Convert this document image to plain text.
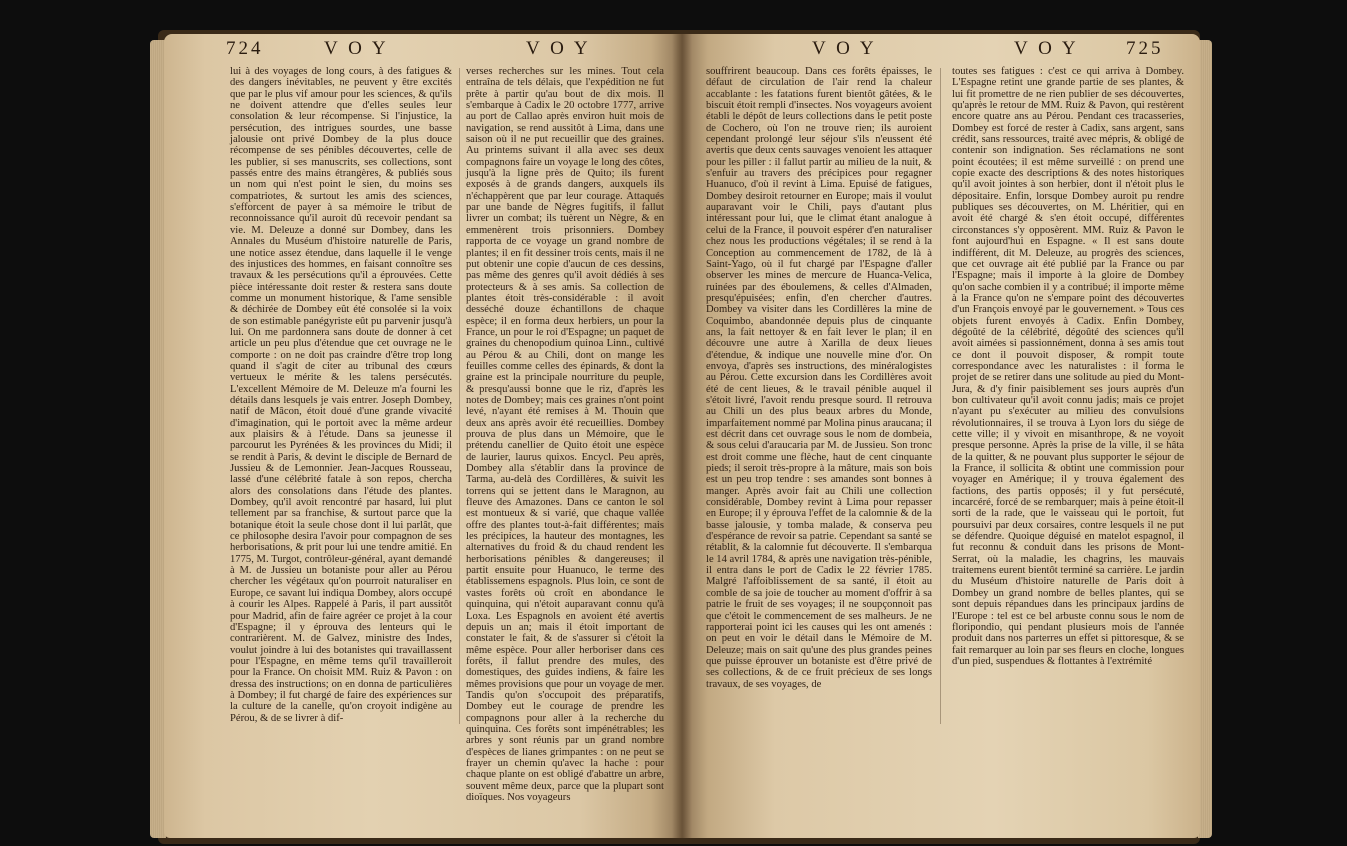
724	V O Y	V O Y	V O Y	V O Y 725
lui à des voyages de long cours, à des fatigues & des dangers inévitables, ne peuvent y être excités que par le plus vif amour pour les sciences, & qu'ils ne doivent attendre que d'elles seules leur consolation & leur récompense. Si l'injustice, la persécution, des intrigues sourdes, une basse jalousie ont privé Dombey de la plus douce récompense de ses pénibles découvertes, celle de les publier, si ses manuscrits, ses collections, sont passés entre des mains étrangères, & publiés sous un nom qui n'est point le sien, du moins ses compatriotes, & surtout les amis des sciences, s'efforcent de payer à sa mémoire le tribut de reconnoissance qu'il auroit dû recevoir pendant sa vie. M. Deleuze a donné sur Dombey, dans les Annales du Muséum d'histoire naturelle de Paris, une notice assez étendue, dans laquelle il le venge des injustices des hommes, en faisant connoître ses travaux & les persécutions qu'il a éprouvées. Cette pièce intéressante doit rester & restera sans doute comme un monument historique, & l'ame sensible & déchirée de Dombey eût été consolée si la voix de son estimable panégyriste eût pu parvenir jusqu'à lui. On me pardonnera sans doute de donner à cet article un peu plus d'étendue que cet ouvrage ne le comporte : on ne doit pas craindre d'être trop long quand il s'agit de citer au tribunal des cœurs vertueux le mérite & les talens persécutés. L'excellent Mémoire de M. Deleuze m'a fourni les détails dans lesquels je vais entrer. Joseph Dombey, natif de Mâcon, étoit doué d'une grande vivacité d'imagination, qui le portoit avec la même ardeur aux plaisirs & à l'étude. Dans sa jeunesse il parcourut les Pyrénées & les provinces du Midi; il se rendit à Paris, & devint le disciple de Bernard de Jussieu & de Lemonnier. Jean-Jacques Rousseau, lassé d'une célébrité fatale à son repos, chercha alors des consolations dans l'étude des plantes. Dombey, qu'il avoit rencontré par hasard, lui plut tellement par sa franchise, & surtout parce que la botanique étoit la seule chose dont il lui parlât, que ce philosophe desira l'avoir pour compagnon de ses herborisations, & prit pour lui une tendre amitié. En 1775, M. Turgot, contrôleur-général, ayant demandé à M. de Jussieu un botaniste pour aller au Pérou chercher les végétaux qu'on pourroit naturaliser en Europe, ce savant lui indiqua Dombey, alors occupé à courir les Alpes. Rappelé à Paris, il part aussitôt pour Madrid, afin de faire agréer ce projet à la cour d'Espagne; il y éprouva des lenteurs qui le contrarièrent. M. de Galvez, ministre des Indes, voulut joindre à lui des botanistes qui travaillassent pour l'Espagne, en même tems qu'il travailleroit pour la France. On choisit MM. Ruiz & Pavon : on dressa des instructions; on en donna de particulières à Dombey; il fut chargé de faire des expériences sur la culture de la canelle, qu'on croyoit indigène au Pérou, & de se livrer à dif-
verses recherches sur les mines. Tout cela entraîna de tels délais, que l'expédition ne fut prête à partir qu'au bout de dix mois. Il s'embarque à Cadix le 20 octobre 1777, arrive au port de Callao après environ huit mois de navigation, se rend aussitôt à Lima, dans une saison où il ne put recueillir que des graines. Au printems suivant il alla avec ses deux compagnons faire un voyage le long des côtes, jusqu'à la ligne près de Quito; ils furent exposés à de grands dangers, auxquels ils n'échappèrent que par leur courage. Attaqués par une bande de Nègres fugitifs, il fallut livrer un combat; ils tuèrent un Nègre, & en emmenèrent trois prisonniers. Dombey rapporta de ce voyage un grand nombre de plantes; il en fit dessiner trois cents, mais il ne put obtenir une copie d'aucun de ces dessins, pas même des genres qu'il avoit dédiés à ses protecteurs & à ses amis. Sa collection de plantes étoit très-considérable : il avoit desséché douze échantillons de chaque espèce; il en forma deux herbiers, un pour la France, un pour le roi d'Espagne; un paquet de graines du chenopodium quinoa Linn., cultivé au Pérou & au Chili, dont on mange les feuilles comme celles des épinards, & dont la graine est la principale nourriture du peuple, & presqu'aussi bonne que le riz, d'après les notes de Dombey; mais ces graines n'ont point levé, n'ayant été remises à M. Thouin que deux ans après avoir été recueillies. Dombey prouva de plus dans un Mémoire, que le prétendu canellier de Quito étoit une espèce de laurier, laurus quixos. Encycl. Peu après, Dombey alla s'établir dans la province de Tarma, au-delà des Cordillères, & suivit les torrens qui se jettent dans le Maragnon, au fleuve des Amazones. Dans ce canton le sol est montueux & si varié, que chaque vallée offre des plantes tout-à-fait différentes; mais les précipices, la hauteur des montagnes, les alternatives du froid & du chaud rendent les herborisations pénibles & dangereuses; il partit ensuite pour Huanuco, le terme des établissemens espagnols. Plus loin, ce sont de vastes forêts où croît en abondance le quinquina, qui n'étoit auparavant connu qu'à Loxa. Les Espagnols en avoient été avertis depuis un an; mais il étoit important de constater le fait, & de s'assurer si c'étoit la même espèce. Pour aller herboriser dans ces forêts, il fallut prendre des mules, des domestiques, des guides indiens, & faire les mêmes provisions que pour un voyage de mer. Tandis qu'on s'occupoit des préparatifs, Dombey eut le courage de prendre les compagnons pour aller à la recherche du quinquina. Ces forêts sont impénétrables; les arbres y sont réunis par un grand nombre d'espèces de lianes grimpantes : on ne peut se frayer un chemin qu'avec la hache : pour chaque plante on est obligé d'abattre un arbre, souvent même deux, parce que la plupart sont dioïques. Nos voyageurs
souffrirent beaucoup. Dans ces forêts épaisses, le défaut de circulation de l'air rend la chaleur accablante : les fatations furent bientôt gâtées, & le biscuit étoit rempli d'insectes. Nos voyageurs avoient établi le dépôt de leurs collections dans le petit poste de Cochero, où l'on ne trouve rien; ils auroient cependant prolongé leur séjour s'ils n'eussent été avertis que deux cents sauvages venoient les attaquer pour les piller : il fallut partir au milieu de la nuit, & s'enfuir au travers des précipices pour regagner Huanuco, d'où il revint à Lima. Epuisé de fatigues, Dombey desiroit retourner en Europe; mais il voulut auparavant voir le Chili, pays d'autant plus intéressant pour lui, que le climat étant analogue à celui de la France, il pouvoit espérer d'en naturaliser chez nous les productions végétales; il se rend à la Conception au commencement de 1782, de là à Saint-Yago, où il fut chargé par l'Espagne d'aller observer les mines de mercure de Huanca-Velica, ruinées par des éboulemens, & celles d'Almaden, presqu'épuisées; enfin, d'en chercher d'autres. Dombey va visiter dans les Cordillères la mine de Coquimbo, abandonnée depuis plus de cinquante ans, la fait nettoyer & en fait lever le plan; il en découvre une autre à Xarilla de deux lieues d'étendue, & indique une nouvelle mine d'or. On envoya, d'après ses instructions, des minéralogistes au Pérou. Cette excursion dans les Cordillères avoit été de cent lieues, & le travail pénible auquel il s'étoit livré, l'avoit rendu presque sourd. Il retrouva au Chili un des plus beaux arbres du Monde, imparfaitement nommé par Molina pinus araucana; il est décrit dans cet ouvrage sous le nom de dombeia, & sous celui d'araucaria par M. de Jussieu. Son tronc est droit comme une flèche, haut de cent cinquante pieds; il seroit très-propre à la mâture, mais son bois est un peu trop tendre : ses amandes sont bonnes à manger. Après avoir fait au Chili une collection considérable, Dombey revint à Lima pour repasser en Europe; il y éprouva l'effet de la calomnie & de la basse jalousie, y tomba malade, & conserva peu d'espérance de revoir sa patrie. Cependant sa santé se rétablit, & la calomnie fut découverte. Il s'embarqua le 14 avril 1784, & après une navigation très-pénible, il entra dans le port de Cadix le 22 février 1785. Malgré l'affoiblissement de sa santé, il étoit au comble de sa joie de toucher au moment d'offrir à sa patrie le fruit de ses voyages; il ne soupçonnoit pas que c'étoit le commencement de ses malheurs. Je ne rapporterai point ici les causes qui les ont amenés : on peut en voir le détail dans le Mémoire de M. Deleuze; mais on sait qu'une des plus grandes peines que puisse éprouver un botaniste est d'être privé de ses collections, & de ce fruit précieux de ses longs travaux, de ses voyages, de
toutes ses fatigues : c'est ce qui arriva à Dombey. L'Espagne retint une grande partie de ses plantes, & lui fit promettre de ne rien publier de ses découvertes, qu'après le retour de MM. Ruiz & Pavon, qui restèrent encore quatre ans au Pérou. Pendant ces tracasseries, Dombey est forcé de rester à Cadix, sans argent, sans crédit, sans ressources, traité avec mépris, & obligé de contenir son indignation. Ses réclamations ne sont point écoutées; il est même surveillé : on prend une copie exacte des descriptions & des notes historiques qu'il avoit jointes à son herbier, dont il n'étoit plus le dépositaire. Enfin, lorsque Dombey auroit pu rendre publiques ses découvertes, on M. Lhéritier, qui en avoit été chargé & s'en étoit occupé, différentes circonstances s'y opposèrent. MM. Ruiz & Pavon le font aujourd'hui en Espagne. « Il est sans doute indifférent, dit M. Deleuze, au progrès des sciences, que cet ouvrage ait été publié par la France ou par l'Espagne; mais il importe à la gloire de Dombey qu'on sache combien il y a contribué; il importe même à la France qu'on ne s'empare point des découvertes d'un François envoyé par le gouvernement. » Tous ces objets furent envoyés à Cadix. Enfin Dombey, dégoûté de la célébrité, dégoûté des sciences qu'il avoit aimées si passionnément, donna à ses amis tout ce dont il pouvoit disposer, & rompit toute correspondance avec les naturalistes : il forma le projet de se retirer dans une solitude au pied du Mont-Jura, & d'y finir paisiblement ses jours auprès d'un bon cultivateur qu'il avoit connu jadis; mais ce projet n'ayant pu s'exécuter au milieu des convulsions révolutionnaires, il se trouva à Lyon lors du siége de cette ville; il y vivoit en misanthrope, & ne voyoit presque personne. Après la prise de la ville, il se hâta de la quitter, & ne pouvant plus supporter le séjour de la France, il sollicita & obtint une commission pour voyager en Amérique; il y trouva également des factions, des partis opposés; il y fut persécuté, incarcéré, forcé de se rembarquer; mais à peine étoit-il sorti de la rade, que le vaisseau qui le portoit, fut poursuivi par deux corsaires, contre lesquels il ne put se défendre. Quoique déguisé en matelot espagnol, il fut reconnu & conduit dans les prisons de Mont-Serrat, où la maladie, les chagrins, les mauvais traitemens eurent bientôt terminé sa carrière. Le jardin du Muséum d'histoire naturelle de Paris doit à Dombey un grand nombre de belles plantes, qui se sont depuis répandues dans les principaux jardins de l'Europe : tel est ce bel arbuste connu sous le nom de floripondio, qui pendant plusieurs mois de l'année produit dans nos parterres un effet si pittoresque, & se fait remarquer au loin par ses fleurs en cloche, longues d'un pied, suspendues & flottantes à l'extrémité
